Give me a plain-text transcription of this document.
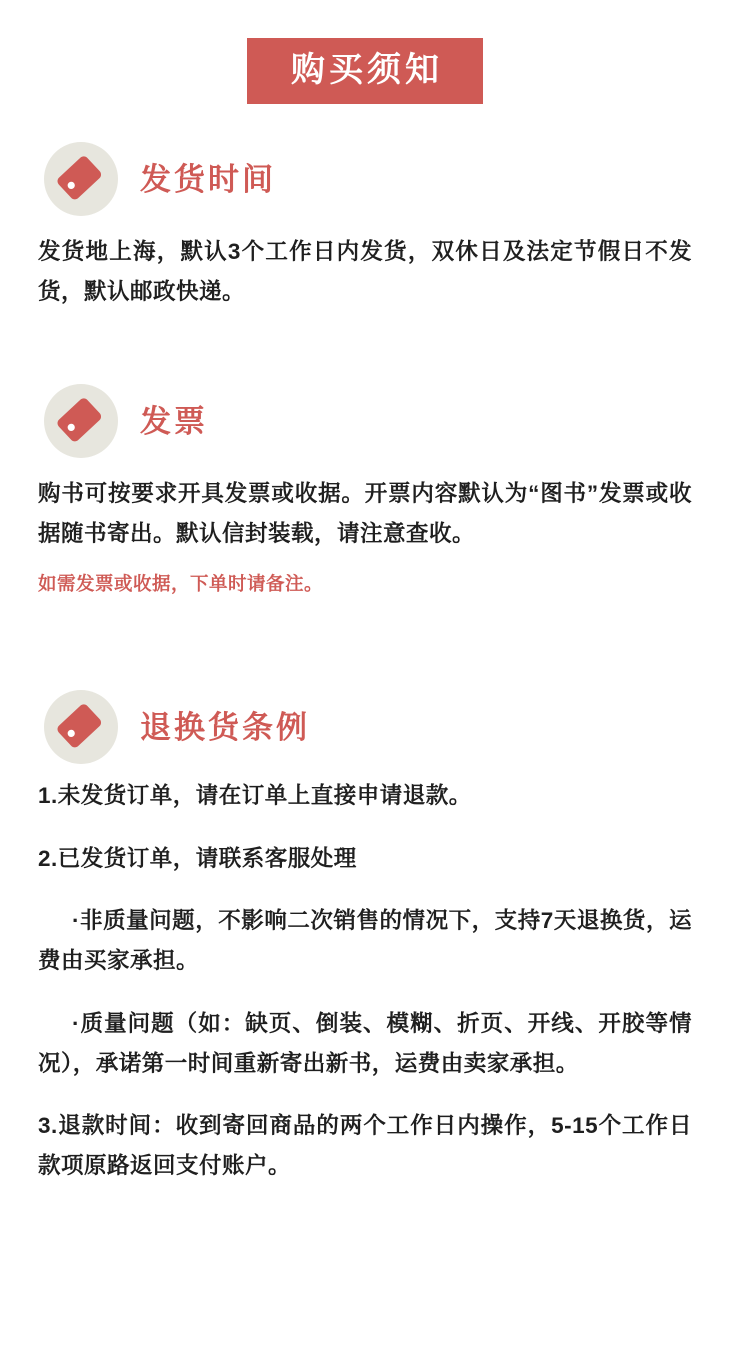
购买须知
发货时间

发货地上海，默认3个工作日内发货，双休日及法定节假日不发货，默认邮政快递。

发票

购书可按要求开具发票或收据。开票内容默认为“图书”发票或收据随书寄出。默认信封装载，请注意查收。

如需发票或收据，下单时请备注。

退换货条例

1.未发货订单，请在订单上直接申请退款。

2.已发货订单，请联系客服处理

·非质量问题，不影响二次销售的情况下，支持7天退换货，运费由买家承担。

·质量问题（如：缺页、倒装、模糊、折页、开线、开胶等情况），承诺第一时间重新寄出新书，运费由卖家承担。

3.退款时间：收到寄回商品的两个工作日内操作，5-15个工作日款项原路返回支付账户。
